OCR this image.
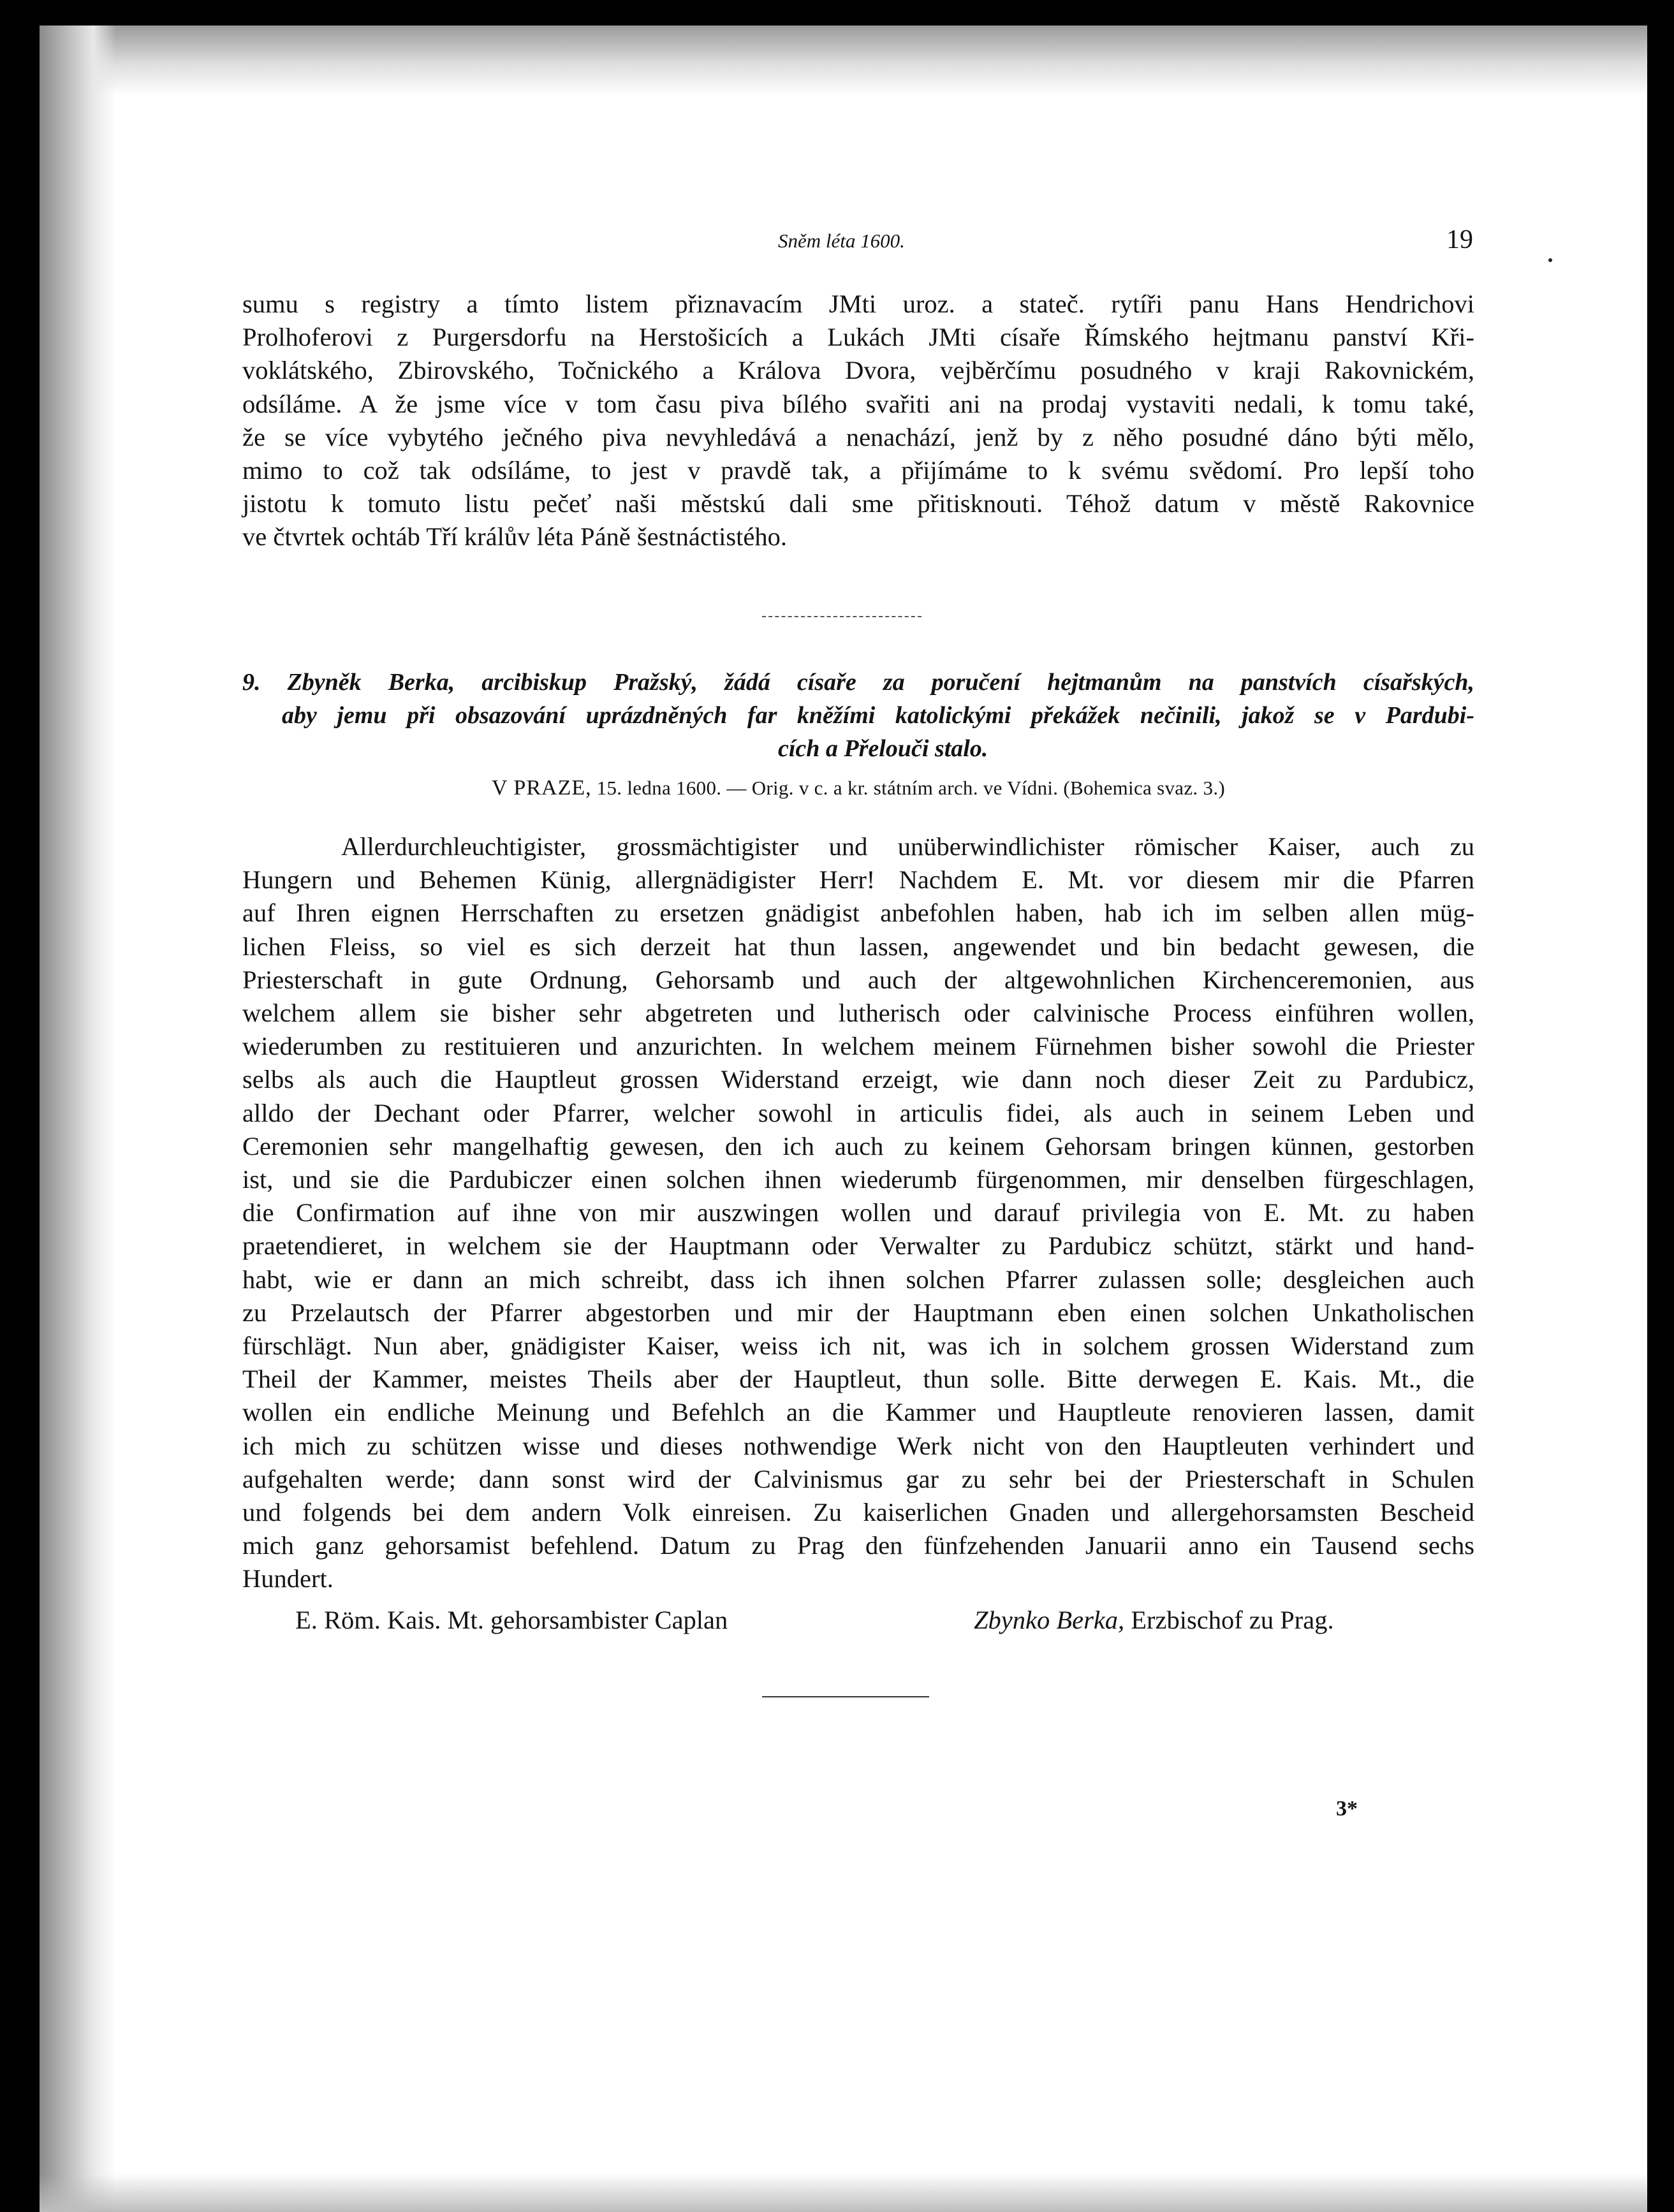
Sněm léta 1600.	19
sumu s registry a tímto listem přiznavacím JMti uroz. a stateč. rytíři panu Hans Hendrichovi
Prolhoferovi z Purgersdorfu na Herstošicích a Lukách JMti císaře Římského hejtmanu panství Kři-
voklátského, Zbirovského, Točnického a Králova Dvora, vejběrčímu posudného v kraji Rakovnickém,
odsíláme. A že jsme více v tom času piva bílého svařiti ani na prodaj vystaviti nedali, k tomu také,
že se více vybytého ječného piva nevyhledává a nenachází, jenž by z něho posudné dáno býti mělo,
mimo to což tak odsíláme, to jest v pravdě tak, a přijímáme to k svému svědomí. Pro lepší toho
jistotu k tomuto listu pečeť naši městskú dali sme přitisknouti. Téhož datum v městě Rakovnice
ve čtvrtek ochtáb Tří králův léta Páně šestnáctistého.
9. Zbyněk Berka, arcibiskup Pražský, žádá císaře za poručení hejtmanům na panstvích císařských,
aby jemu při obsazování uprázdněných far kněžími katolickými překážek nečinili, jakož se v Pardubi-
cích a Přelouči stalo.
V PRAZE, 15. ledna 1600. — Orig. v c. a kr. státním arch. ve Vídni. (Bohemica svaz. 3.)
Allerdurchleuchtigister, grossmächtigister und unüberwindlichister römischer Kaiser, auch zu
Hungern und Behemen Künig, allergnädigister Herr! Nachdem E. Mt. vor diesem mir die Pfarren
auf Ihren eignen Herrschaften zu ersetzen gnädigist anbefohlen haben, hab ich im selben allen müg-
lichen Fleiss, so viel es sich derzeit hat thun lassen, angewendet und bin bedacht gewesen, die
Priesterschaft in gute Ordnung, Gehorsamb und auch der altgewohnlichen Kirchenceremonien, aus
welchem allem sie bisher sehr abgetreten und lutherisch oder calvinische Process einführen wollen,
wiederumben zu restituieren und anzurichten. In welchem meinem Fürnehmen bisher sowohl die Priester
selbs als auch die Hauptleut grossen Widerstand erzeigt, wie dann noch dieser Zeit zu Pardubicz,
alldo der Dechant oder Pfarrer, welcher sowohl in articulis fidei, als auch in seinem Leben und
Ceremonien sehr mangelhaftig gewesen, den ich auch zu keinem Gehorsam bringen künnen, gestorben
ist, und sie die Pardubiczer einen solchen ihnen wiederumb fürgenommen, mir denselben fürgeschlagen,
die Confirmation auf ihne von mir auszwingen wollen und darauf privilegia von E. Mt. zu haben
praetendieret, in welchem sie der Hauptmann oder Verwalter zu Pardubicz schützt, stärkt und hand-
habt, wie er dann an mich schreibt, dass ich ihnen solchen Pfarrer zulassen solle; desgleichen auch
zu Przelautsch der Pfarrer abgestorben und mir der Hauptmann eben einen solchen Unkatholischen
fürschlägt. Nun aber, gnädigister Kaiser, weiss ich nit, was ich in solchem grossen Widerstand zum
Theil der Kammer, meistes Theils aber der Hauptleut, thun solle. Bitte derwegen E. Kais. Mt., die
wollen ein endliche Meinung und Befehlch an die Kammer und Hauptleute renovieren lassen, damit
ich mich zu schützen wisse und dieses nothwendige Werk nicht von den Hauptleuten verhindert und
aufgehalten werde; dann sonst wird der Calvinismus gar zu sehr bei der Priesterschaft in Schulen
und folgends bei dem andern Volk einreisen. Zu kaiserlichen Gnaden und allergehorsamsten Bescheid
mich ganz gehorsamist befehlend. Datum zu Prag den fünfzehenden Januarii anno ein Tausend sechs
Hundert.
E. Röm. Kais. Mt. gehorsambister Caplan	Zbynko Berka, Erzbischof zu Prag.
3*
